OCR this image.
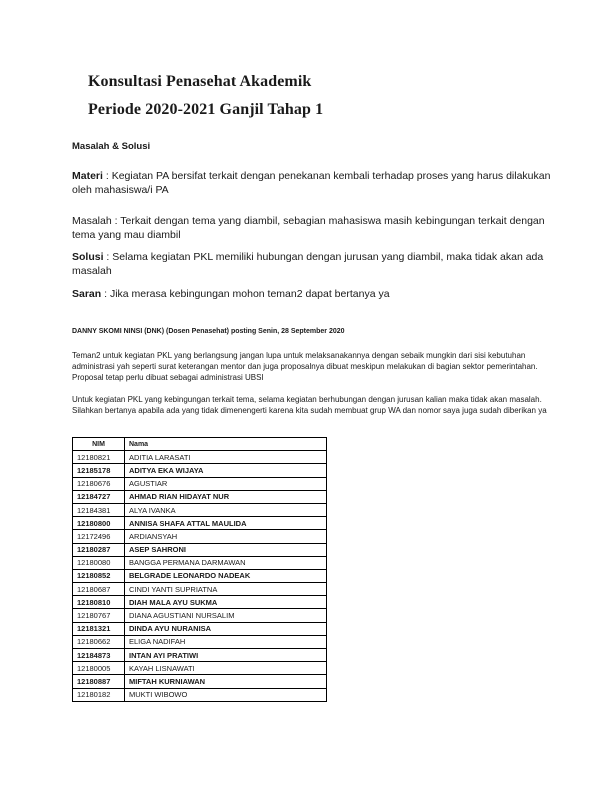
Konsultasi Penasehat Akademik
Periode 2020-2021 Ganjil Tahap 1
Masalah & Solusi
Materi : Kegiatan PA bersifat terkait dengan penekanan kembali terhadap proses yang harus dilakukan oleh mahasiswa/i PA
Masalah : Terkait dengan tema yang diambil, sebagian mahasiswa masih kebingungan terkait dengan tema yang mau diambil
Solusi : Selama kegiatan PKL memiliki hubungan dengan jurusan yang diambil, maka tidak akan ada masalah
Saran : Jika merasa kebingungan mohon teman2 dapat bertanya ya
DANNY SKOMI NINSI (DNK) (Dosen Penasehat) posting Senin, 28 September 2020
Teman2 untuk kegiatan PKL yang berlangsung jangan lupa untuk melaksanakannya dengan sebaik mungkin dari sisi kebutuhan administrasi yah seperti surat keterangan mentor dan juga proposalnya dibuat meskipun melakukan di bagian sektor pemerintahan. Proposal tetap perlu dibuat sebagai administrasi UBSI
Untuk kegiatan PKL yang kebingungan terkait tema, selama kegiatan berhubungan dengan jurusan kalian maka tidak akan masalah. Silahkan bertanya apabila ada yang tidak dimenengerti karena kita sudah membuat grup WA dan nomor saya juga sudah diberikan ya
NIM	Nama
12180821	ADITIA LARASATI
12185178	ADITYA EKA WIJAYA
12180676	AGUSTIAR
12184727	AHMAD RIAN HIDAYAT NUR
12184381	ALYA IVANKA
12180800	ANNISA SHAFA ATTAL MAULIDA
12172496	ARDIANSYAH
12180287	ASEP SAHRONI
12180080	BANGGA PERMANA DARMAWAN
12180852	BELGRADE LEONARDO NADEAK
12180687	CINDI YANTI SUPRIATNA
12180810	DIAH MALA AYU SUKMA
12180767	DIANA AGUSTIANI NURSALIM
12181321	DINDA AYU NURANISA
12180662	ELIGA NADIFAH
12184873	INTAN AYI PRATIWI
12180005	KAYAH LISNAWATI
12180887	MIFTAH KURNIAWAN
12180182	MUKTI WIBOWO
